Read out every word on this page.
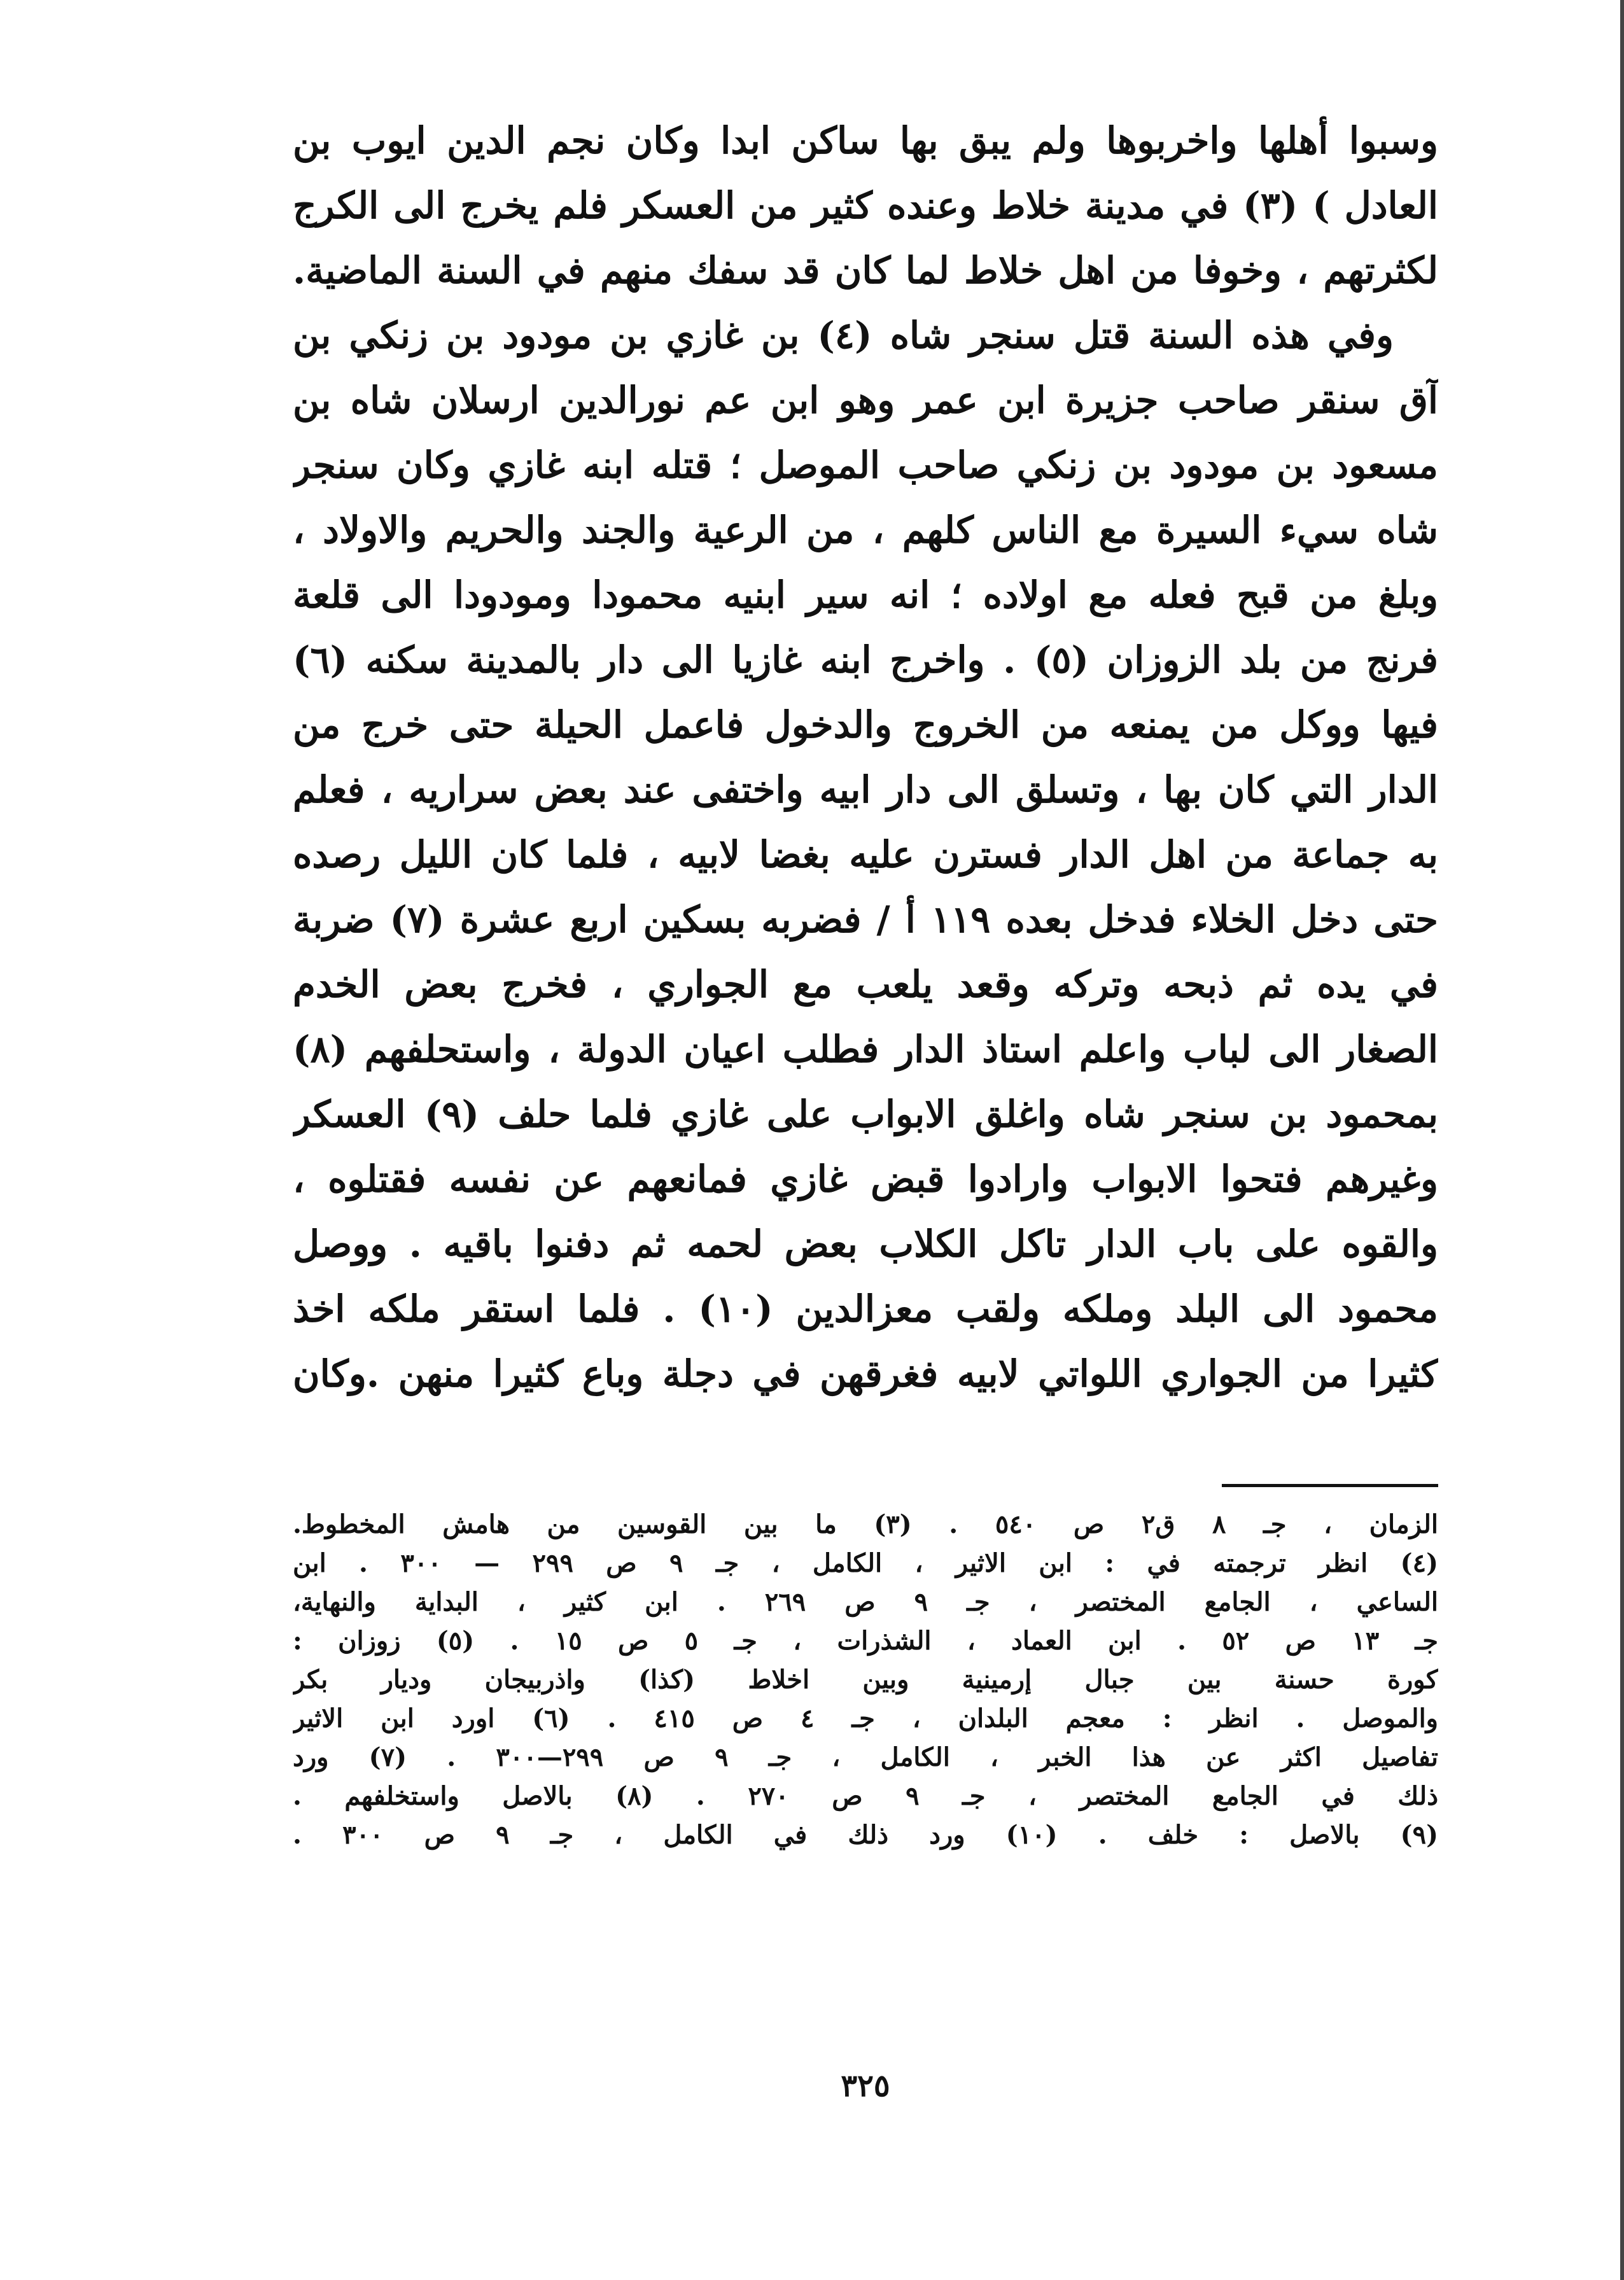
وسبوا أهلها واخربوها ولم يبق بها ساكن ابدا وكان نجم الدين ايوب بن
العادل ) (٣) في مدينة خلاط وعنده كثير من العسكر فلم يخرج الى الكرج
لكثرتهم ، وخوفا من اهل خلاط لما كان قد سفك منهم في السنة الماضية.
وفي هذه السنة قتل سنجر شاه (٤) بن غازي بن مودود بن زنكي بن
آق سنقر صاحب جزيرة ابن عمر وهو ابن عم نورالدين ارسلان شاه بن
مسعود بن مودود بن زنكي صاحب الموصل ؛ قتله ابنه غازي وكان سنجر
شاه سيء السيرة مع الناس كلهم ، من الرعية والجند والحريم والاولاد ،
وبلغ من قبح فعله مع اولاده ؛ انه سير ابنيه محمودا ومودودا الى قلعة
فرنج من بلد الزوزان (٥) . واخرج ابنه غازيا الى دار بالمدينة سكنه (٦)
فيها ووكل من يمنعه من الخروج والدخول فاعمل الحيلة حتى خرج من
الدار التي كان بها ، وتسلق الى دار ابيه واختفى عند بعض سراريه ، فعلم
به جماعة من اهل الدار فسترن عليه بغضا لابيه ، فلما كان الليل رصده
حتى دخل الخلاء فدخل بعده ١١٩ أ / فضربه بسكين اربع عشرة (٧) ضربة
في يده ثم ذبحه وتركه وقعد يلعب مع الجواري ، فخرج بعض الخدم
الصغار الى لباب واعلم استاذ الدار فطلب اعيان الدولة ، واستحلفهم (٨)
بمحمود بن سنجر شاه واغلق الابواب على غازي فلما حلف (٩) العسكر
وغيرهم فتحوا الابواب وارادوا قبض غازي فمانعهم عن نفسه فقتلوه ،
والقوه على باب الدار تاكل الكلاب بعض لحمه ثم دفنوا باقيه . ووصل
محمود الى البلد وملكه ولقب معزالدين (١٠) . فلما استقر ملكه اخذ
كثيرا من الجواري اللواتي لابيه فغرقهن في دجلة وباع كثيرا منهن .وكان
الزمان ، جـ ٨ ق٢ ص ٥٤٠ . (٣) ما بين القوسين من هامش المخطوط.
(٤) انظر ترجمته في : ابن الاثير ، الكامل ، جـ ٩ ص ٢٩٩ — ٣٠٠ . ابن
الساعي ، الجامع المختصر ، جـ ٩ ص ٢٦٩ . ابن كثير ، البداية والنهاية،
جـ ١٣ ص ٥٢ . ابن العماد ، الشذرات ، جـ ٥ ص ١٥ . (٥) زوزان :
كورة حسنة بين جبال إرمينية وبين اخلاط (كذا) واذربيجان وديار بكر
والموصل . انظر : معجم البلدان ، جـ ٤ ص ٤١٥ . (٦) اورد ابن الاثير
تفاصيل اكثر عن هذا الخبر ، الكامل ، جـ ٩ ص ٢٩٩—٣٠٠ . (٧) ورد
ذلك في الجامع المختصر ، جـ ٩ ص ٢٧٠ . (٨) بالاصل واستخلفهم .
(٩) بالاصل : خلف . (١٠) ورد ذلك في الكامل ، جـ ٩ ص ٣٠٠ .
٣٢٥
